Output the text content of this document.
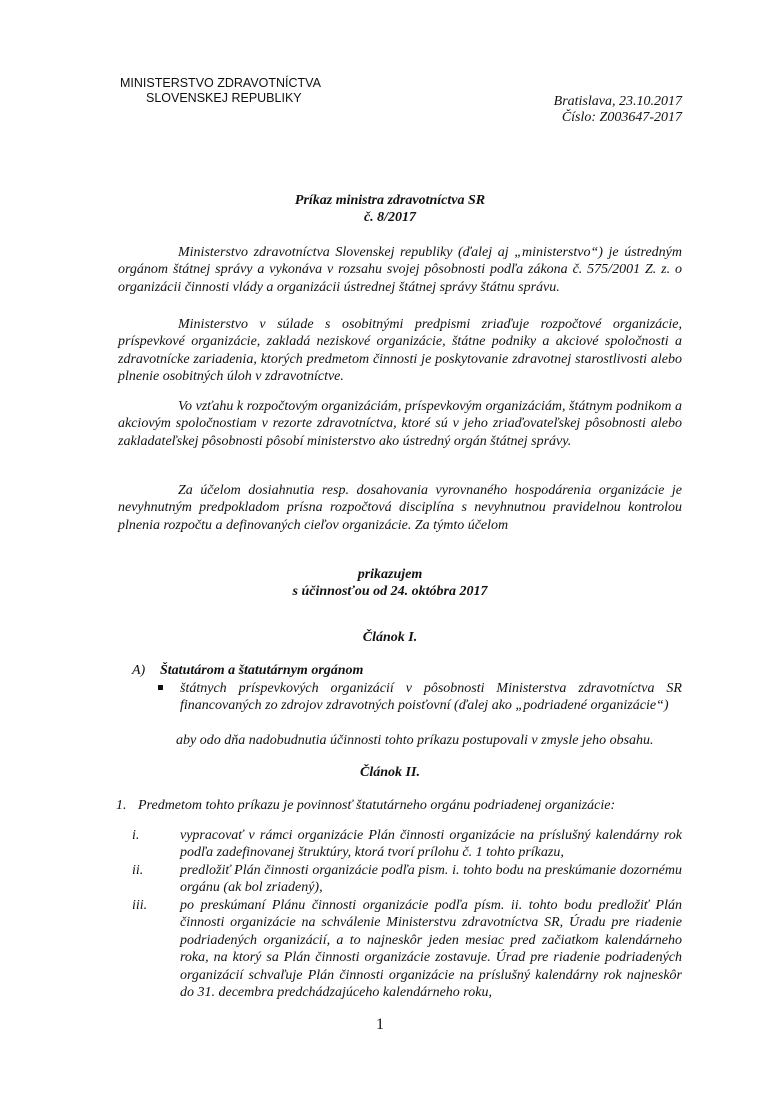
MINISTERSTVO ZDRAVOTNÍCTVA
SLOVENSKEJ REPUBLIKY	Bratislava, 23.10.2017
Číslo: Z003647-2017
Príkaz ministra zdravotníctva SR
č. 8/2017
Ministerstvo zdravotníctva Slovenskej republiky (ďalej aj „ministerstvo“) je ústredným orgánom štátnej správy a vykonáva v rozsahu svojej pôsobnosti podľa zákona č. 575/2001 Z. z. o organizácii činnosti vlády a organizácii ústrednej štátnej správy štátnu správu.
Ministerstvo v súlade s osobitnými predpismi zriaďuje rozpočtové organizácie, príspevkové organizácie, zakladá neziskové organizácie, štátne podniky a akciové spoločnosti a zdravotnícke zariadenia, ktorých predmetom činnosti je poskytovanie zdravotnej starostlivosti alebo plnenie osobitných úloh v zdravotníctve.
Vo vzťahu k rozpočtovým organizáciám, príspevkovým organizáciám, štátnym podnikom a akciovým spoločnostiam v rezorte zdravotníctva, ktoré sú v jeho zriaďovateľskej pôsobnosti alebo zakladateľskej pôsobnosti pôsobí ministerstvo ako ústredný orgán štátnej správy.
Za účelom dosiahnutia resp. dosahovania vyrovnaného hospodárenia organizácie je nevyhnutným predpokladom prísna rozpočtová disciplína s nevyhnutnou pravidelnou kontrolou plnenia rozpočtu a definovaných cieľov organizácie. Za týmto účelom
prikazujem
s účinnosťou od 24. októbra 2017
Článok I.
A) Štatutárom a štatutárnym orgánom
štátnych príspevkových organizácií v pôsobnosti Ministerstva zdravotníctva SR financovaných zo zdrojov zdravotných poisťovní (ďalej ako „podriadené organizácie“)
aby odo dňa nadobudnutia účinnosti tohto príkazu postupovali v zmysle jeho obsahu.
Článok II.
1. Predmetom tohto príkazu je povinnosť štatutárneho orgánu podriadenej organizácie:
i.	vypracovať v rámci organizácie Plán činnosti organizácie na príslušný kalendárny rok podľa zadefinovanej štruktúry, ktorá tvorí prílohu č. 1 tohto príkazu,
ii.	predložiť Plán činnosti organizácie podľa pism. i. tohto bodu na preskúmanie dozornému orgánu (ak bol zriadený),
iii.	po preskúmaní Plánu činnosti organizácie podľa písm. ii. tohto bodu predložiť Plán činnosti organizácie na schválenie Ministerstvu zdravotníctva SR, Úradu pre riadenie podriadených organizácií, a to najneskôr jeden mesiac pred začiatkom kalendárneho roka, na ktorý sa Plán činnosti organizácie zostavuje. Úrad pre riadenie podriadených organizácií schvaľuje Plán činnosti organizácie na príslušný kalendárny rok najneskôr do 31. decembra predchádzajúceho kalendárneho roku,
1
